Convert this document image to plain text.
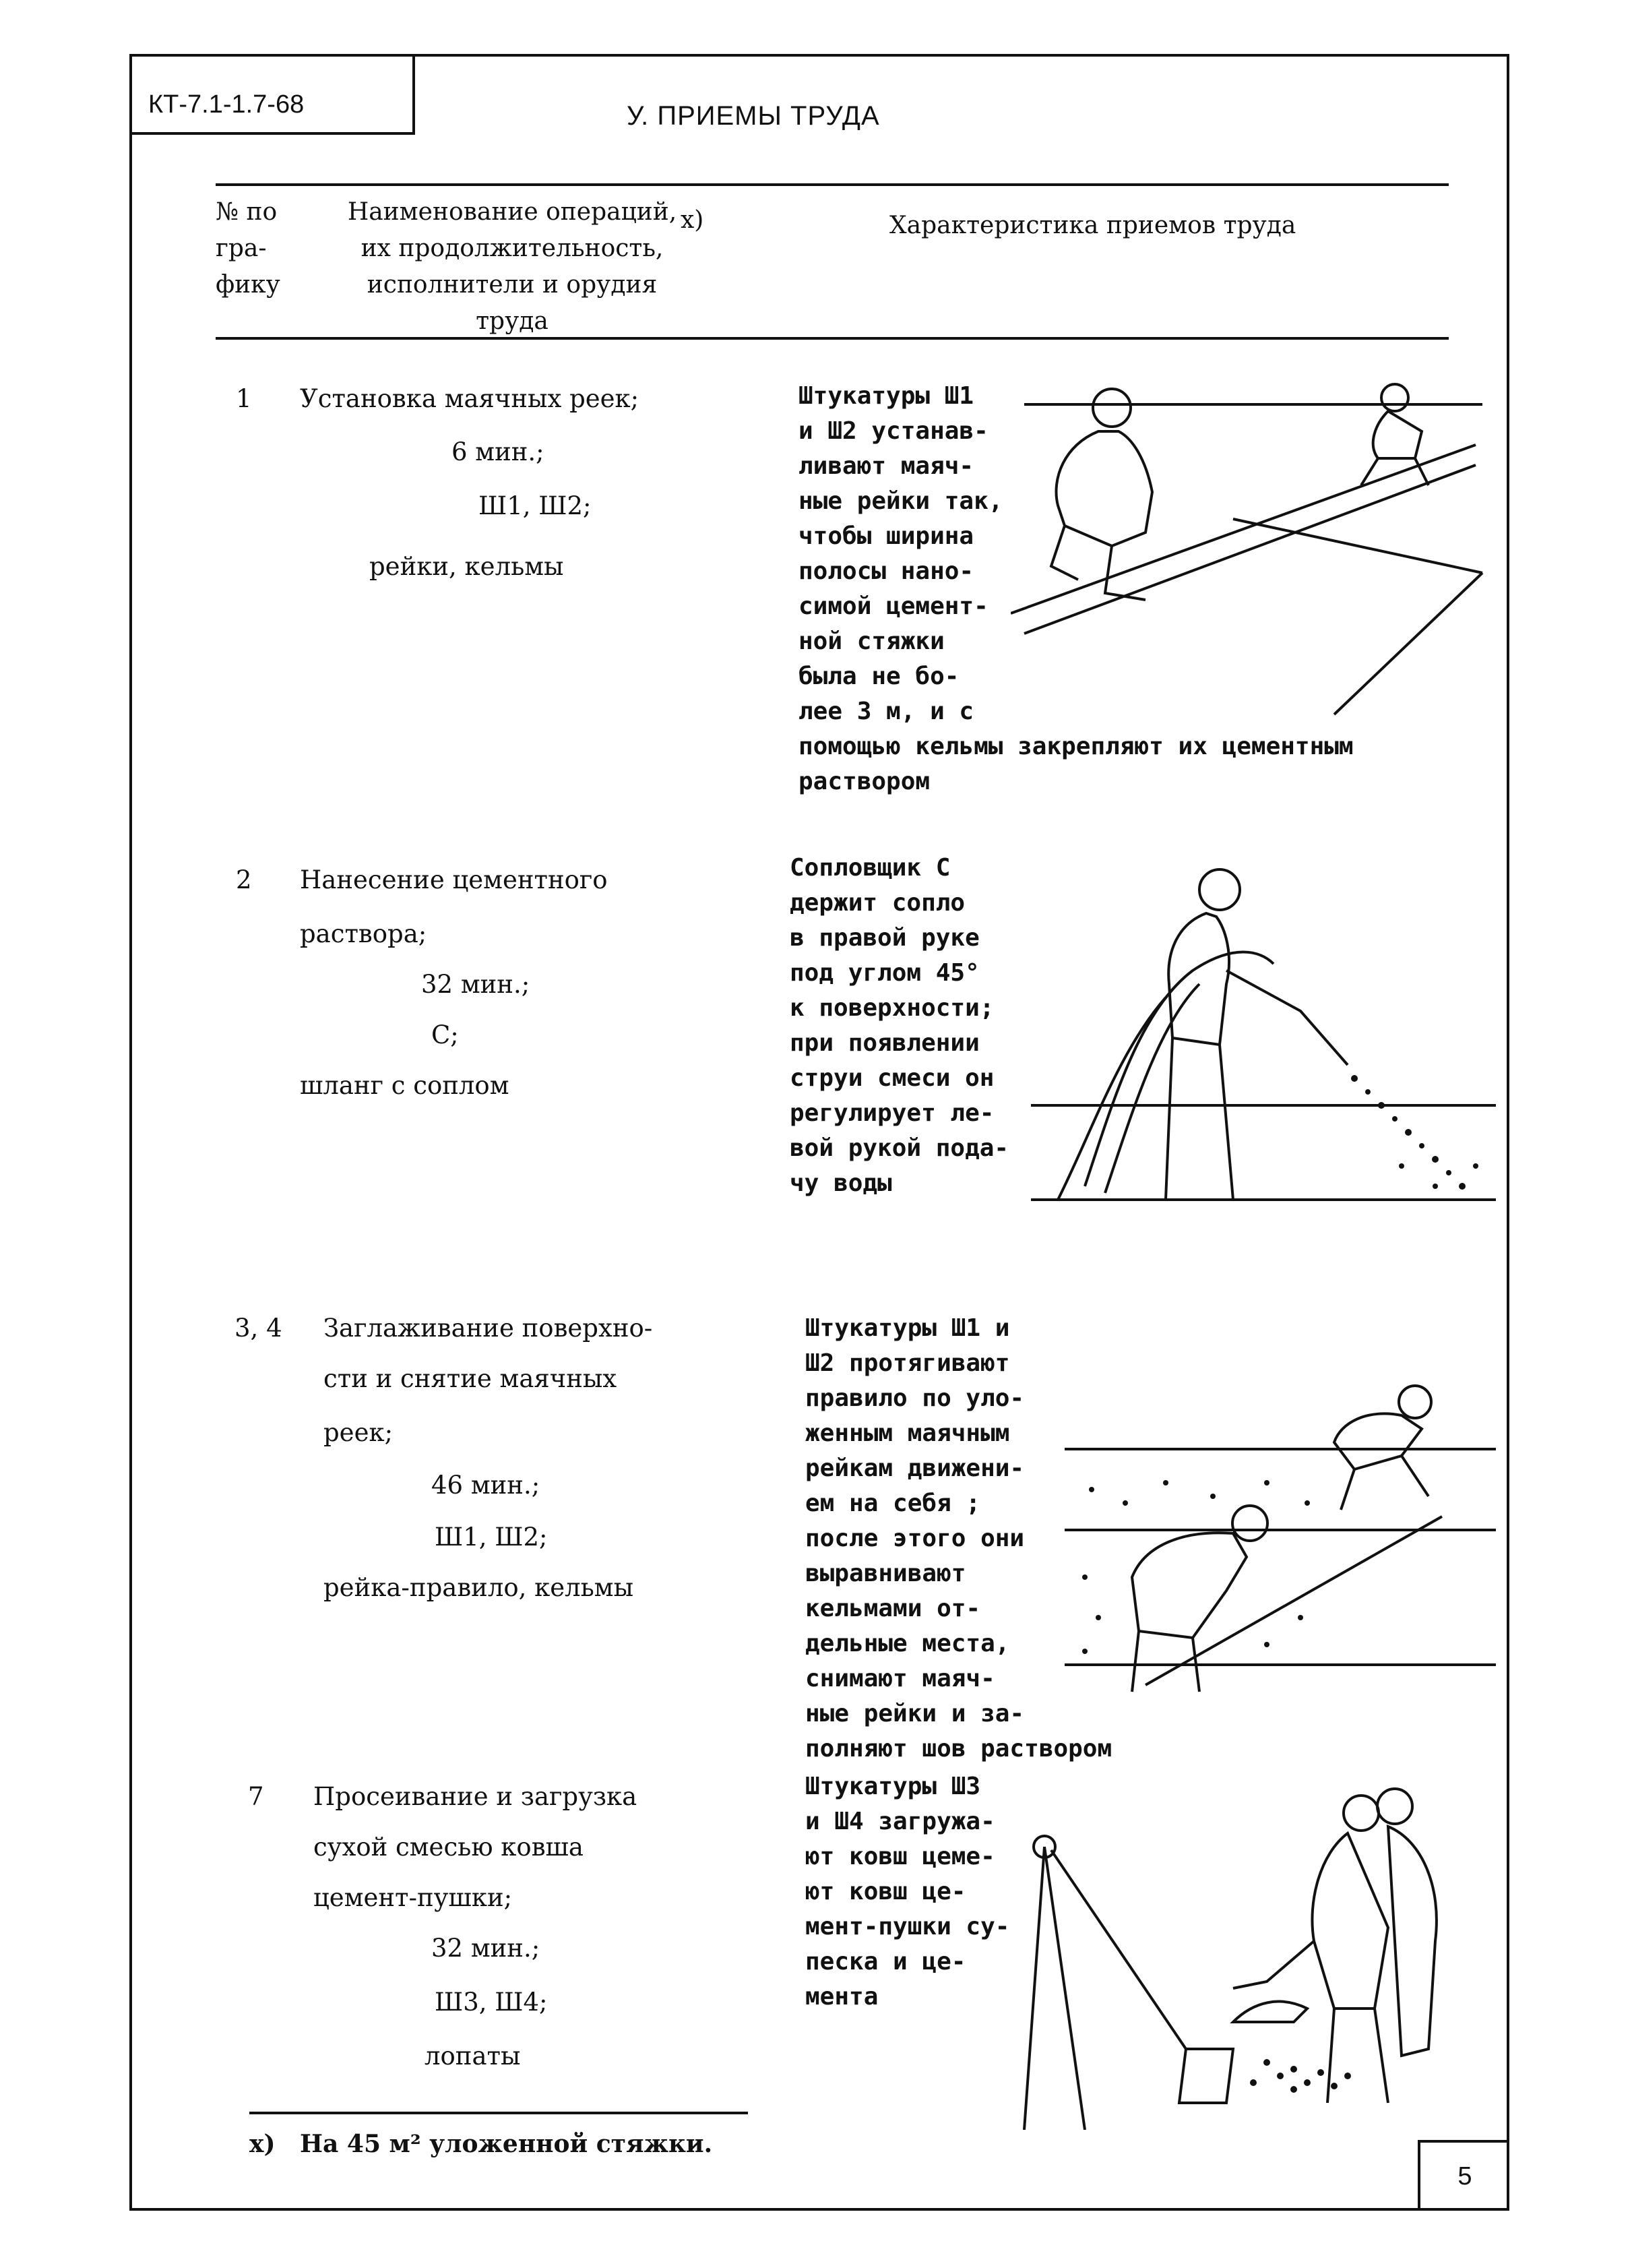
КТ-7.1-1.7-68	У. ПРИЕМЫ ТРУДА
№ по
гра-
фику
Наименование операций,
их продолжительность,
исполнители и орудия
труда
х)	Характеристика приемов труда
1 Установка маячных реек;
6 мин.;
Ш1, Ш2;
рейки, кельмы
Штукатуры Ш1
и Ш2 устанав-
ливают маяч-
ные рейки так,
чтобы ширина
полосы нано-
симой цемент-
ной стяжки
была не бо-
лее 3 м, и с
помощью кельмы закрепляют их цементным
раствором
2 Нанесение цементного
раствора;
32 мин.;
С;
шланг с соплом
Сопловщик С
держит сопло
в правой руке
под углом 45°
к поверхности;
при появлении
струи смеси он
регулирует ле-
вой рукой пода-
чу воды
3, 4 Заглаживание поверхно-
сти и снятие маячных
реек;
46 мин.;
Ш1, Ш2;
рейка-правило, кельмы
Штукатуры Ш1 и
Ш2 протягивают
правило по уло-
женным маячным
рейкам движени-
ем на себя ;
после этого они
выравнивают
кельмами от-
дельные места,
снимают маяч-
ные рейки и за-
полняют шов раствором
7 Просеивание и загрузка
сухой смесью ковша
цемент-пушки;
32 мин.;
Ш3, Ш4;
лопаты
Штукатуры Ш3
и Ш4 загружа-
ют ковш цеме-
ют ковш це-
мент-пушки су-
песка и це-
мента
х) На 45 м² уложенной стяжки.
5
